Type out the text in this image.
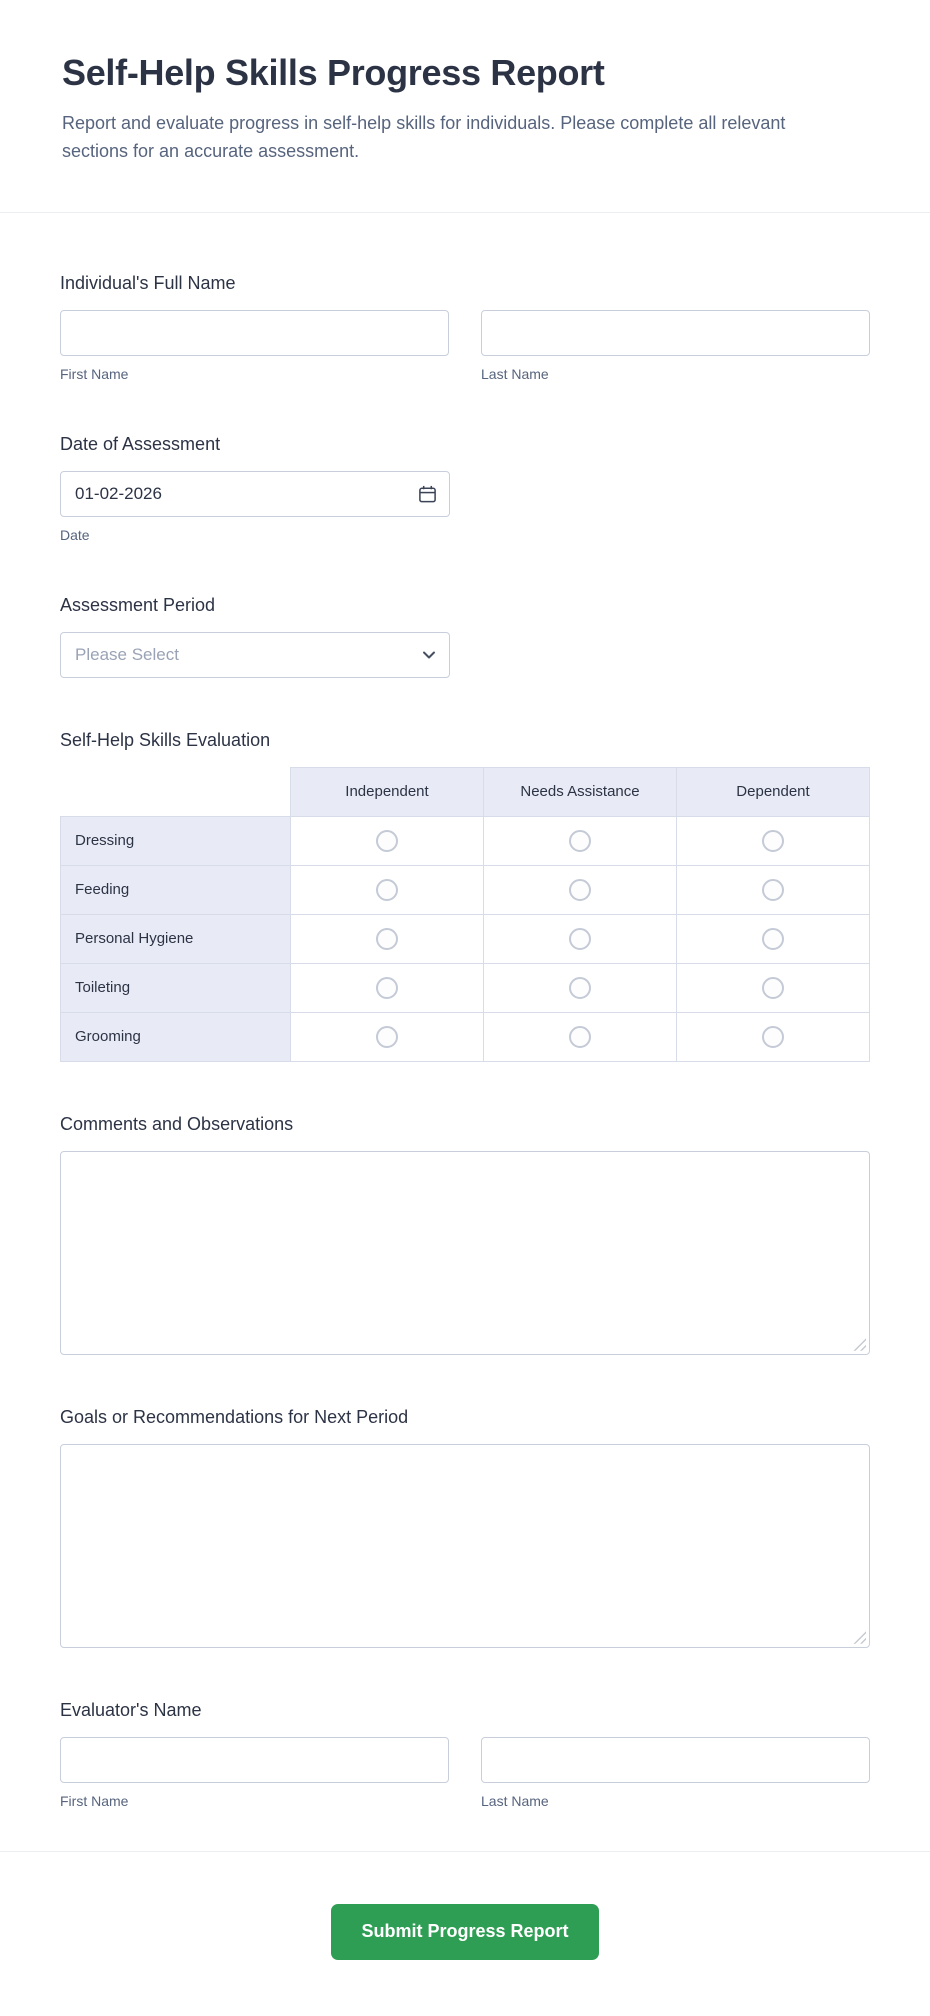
Self-Help Skills Progress Report

Report and evaluate progress in self-help skills for individuals. Please complete all relevant sections for an accurate assessment.

Individual's Full Name
First Name	Last Name
Date of Assessment
01-02-2026
Date
Assessment Period
Please Select
Self-Help Skills Evaluation
	Independent	Needs Assistance	Dependent
Dressing			
Feeding			
Personal Hygiene			
Toileting			
Grooming			
Comments and Observations
Goals or Recommendations for Next Period
Evaluator's Name
First Name	Last Name
Submit Progress Report
